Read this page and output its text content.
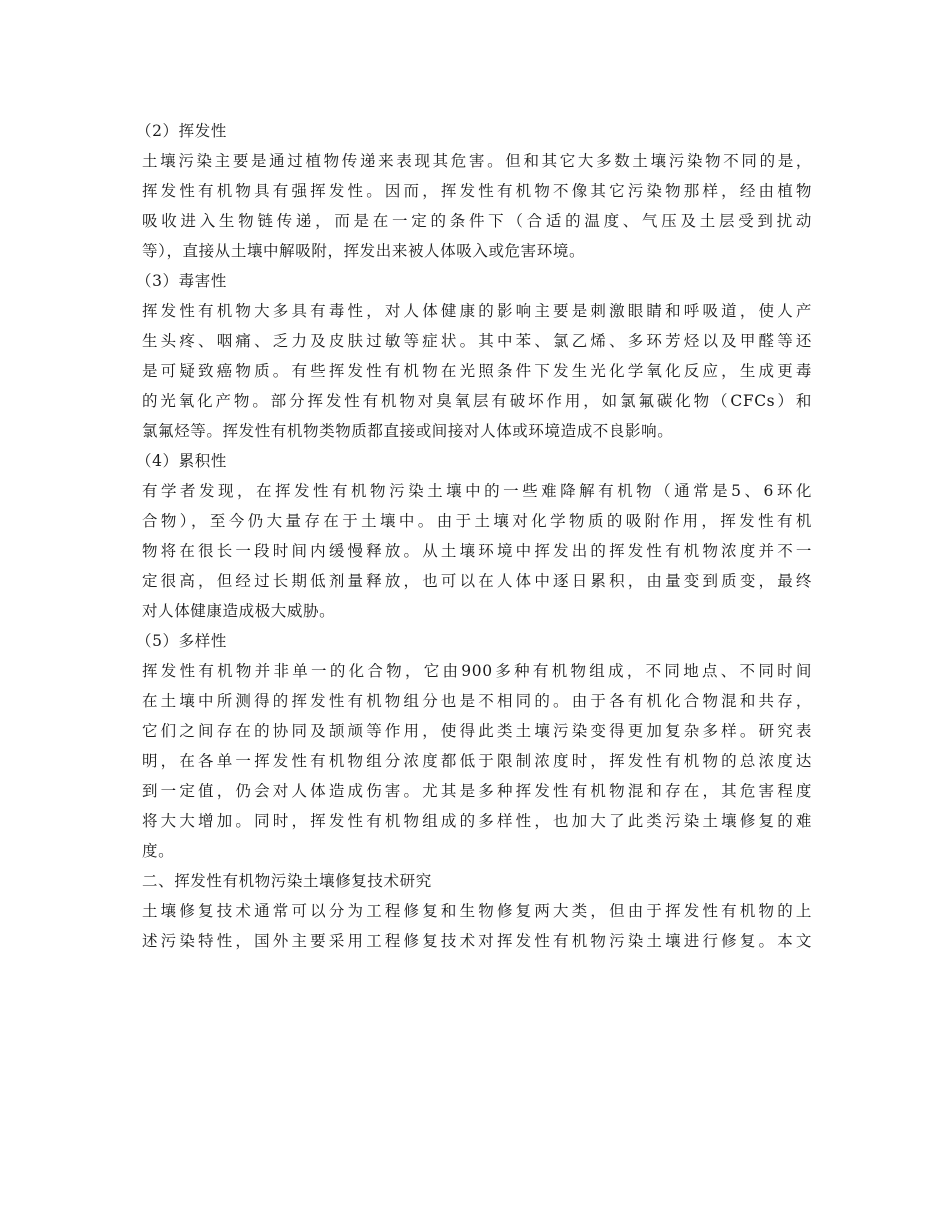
（2）挥发性
土壤污染主要是通过植物传递来表现其危害。但和其它大多数土壤污染物不同的是，
挥发性有机物具有强挥发性。因而，挥发性有机物不像其它污染物那样，经由植物
吸收进入生物链传递，而是在一定的条件下（合适的温度、气压及土层受到扰动
等），直接从土壤中解吸附，挥发出来被人体吸入或危害环境。
（3）毒害性
挥发性有机物大多具有毒性，对人体健康的影响主要是刺激眼睛和呼吸道，使人产
生头疼、咽痛、乏力及皮肤过敏等症状。其中苯、氯乙烯、多环芳烃以及甲醛等还
是可疑致癌物质。有些挥发性有机物在光照条件下发生光化学氧化反应，生成更毒
的光氧化产物。部分挥发性有机物对臭氧层有破坏作用，如氯氟碳化物（CFCs）和
氯氟烃等。挥发性有机物类物质都直接或间接对人体或环境造成不良影响。
（4）累积性
有学者发现，在挥发性有机物污染土壤中的一些难降解有机物（通常是5、6环化
合物），至今仍大量存在于土壤中。由于土壤对化学物质的吸附作用，挥发性有机
物将在很长一段时间内缓慢释放。从土壤环境中挥发出的挥发性有机物浓度并不一
定很高，但经过长期低剂量释放，也可以在人体中逐日累积，由量变到质变，最终
对人体健康造成极大威胁。
（5）多样性
挥发性有机物并非单一的化合物，它由900多种有机物组成，不同地点、不同时间
在土壤中所测得的挥发性有机物组分也是不相同的。由于各有机化合物混和共存，
它们之间存在的协同及颉颃等作用，使得此类土壤污染变得更加复杂多样。研究表
明，在各单一挥发性有机物组分浓度都低于限制浓度时，挥发性有机物的总浓度达
到一定值，仍会对人体造成伤害。尤其是多种挥发性有机物混和存在，其危害程度
将大大增加。同时，挥发性有机物组成的多样性，也加大了此类污染土壤修复的难
度。
二、挥发性有机物污染土壤修复技术研究
土壤修复技术通常可以分为工程修复和生物修复两大类，但由于挥发性有机物的上
述污染特性，国外主要采用工程修复技术对挥发性有机物污染土壤进行修复。本文
